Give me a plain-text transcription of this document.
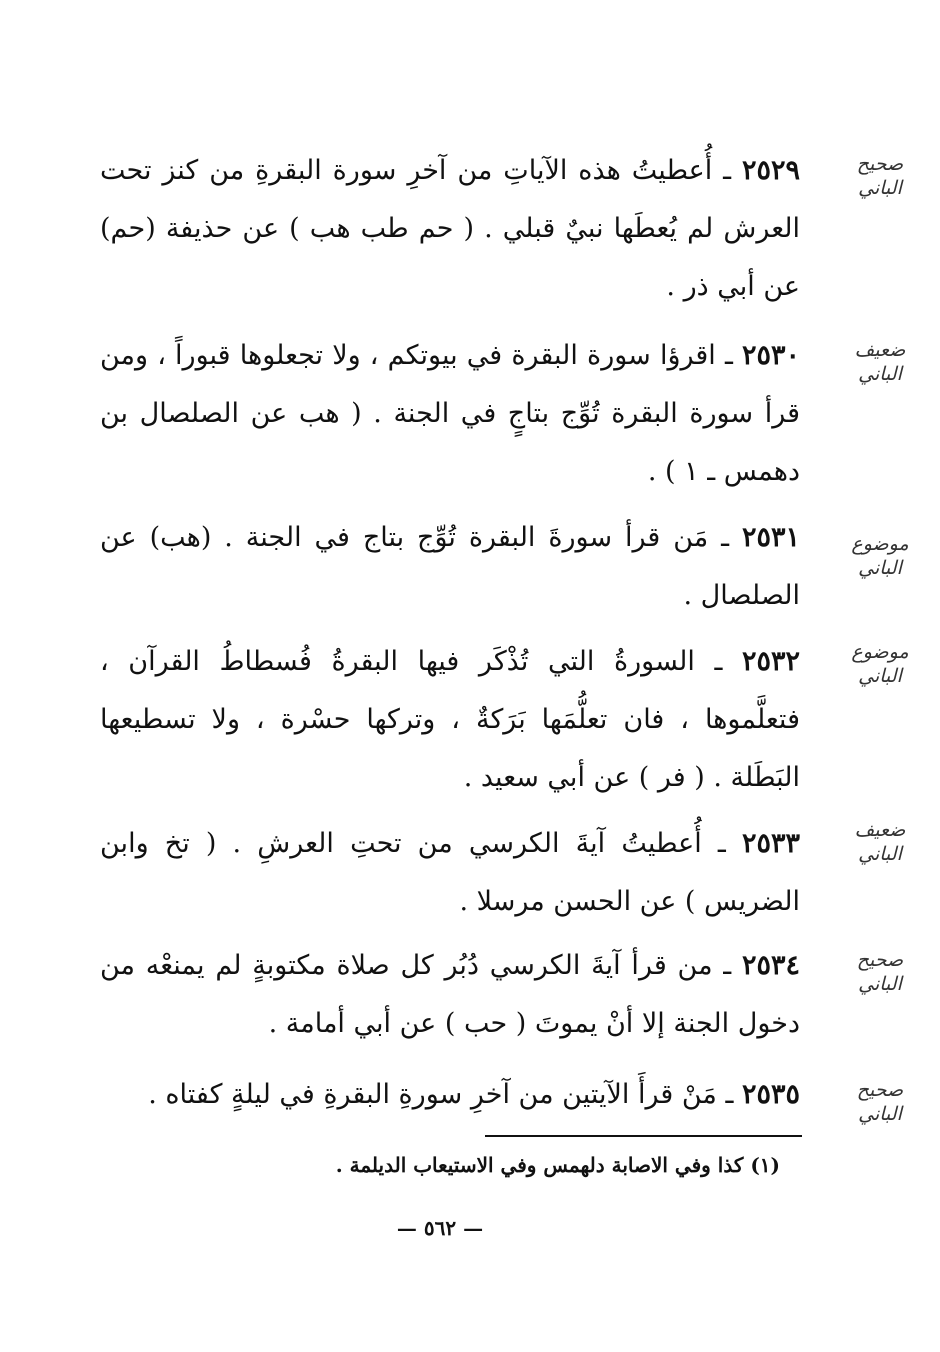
٢٥٢٩ ـ أُعطيتُ هذه الآياتِ من آخرِ سورة البقرةِ من كنز تحت العرش لم يُعطَها نبيٌ قبلي . ( حم طب هب ) عن حذيفة (حم) عن أبي ذر .

صحيح الباني

٢٥٣٠ ـ اقرؤا سورة البقرة في بيوتكم ، ولا تجعلوها قبوراً ، ومن قرأ سورة البقرة تُوِّج بتاجٍ في الجنة . ( هب عن الصلصال بن دهمس ـ ١ ) .

ضعيف الباني

٢٥٣١ ـ مَن قرأ سورةَ البقرة تُوِّج بتاج في الجنة . (هب) عن الصلصال .

موضوع الباني

٢٥٣٢ ـ السورةُ التي تُذْكَر فيها البقرةُ فُسطاطُ القرآن ، فتعلَّموها ، فان تعلُّمَها بَرَكةٌ ، وتركها حسْرة ، ولا تسطيعها البَطَلة . ( فر ) عن أبي سعيد .

موضوع الباني

٢٥٣٣ ـ أُعطيتُ آيةَ الكرسي من تحتِ العرشِ . ( تخ وابن الضريس ) عن الحسن مرسلا .

ضعيف الباني

٢٥٣٤ ـ من قرأ آيةَ الكرسي دُبُر كل صلاة مكتوبةٍ لم يمنعْه من دخول الجنة إلا أنْ يموتَ ( حب ) عن أبي أمامة .

صحيح الباني

٢٥٣٥ ـ مَنْ قرأَ الآيتين من آخرِ سورةِ البقرةِ في ليلةٍ كفتاه .	صحيح الباني
(١) كذا وفي الاصابة دلهمس وفي الاستيعاب الديلمة .
— ٥٦٢ —
